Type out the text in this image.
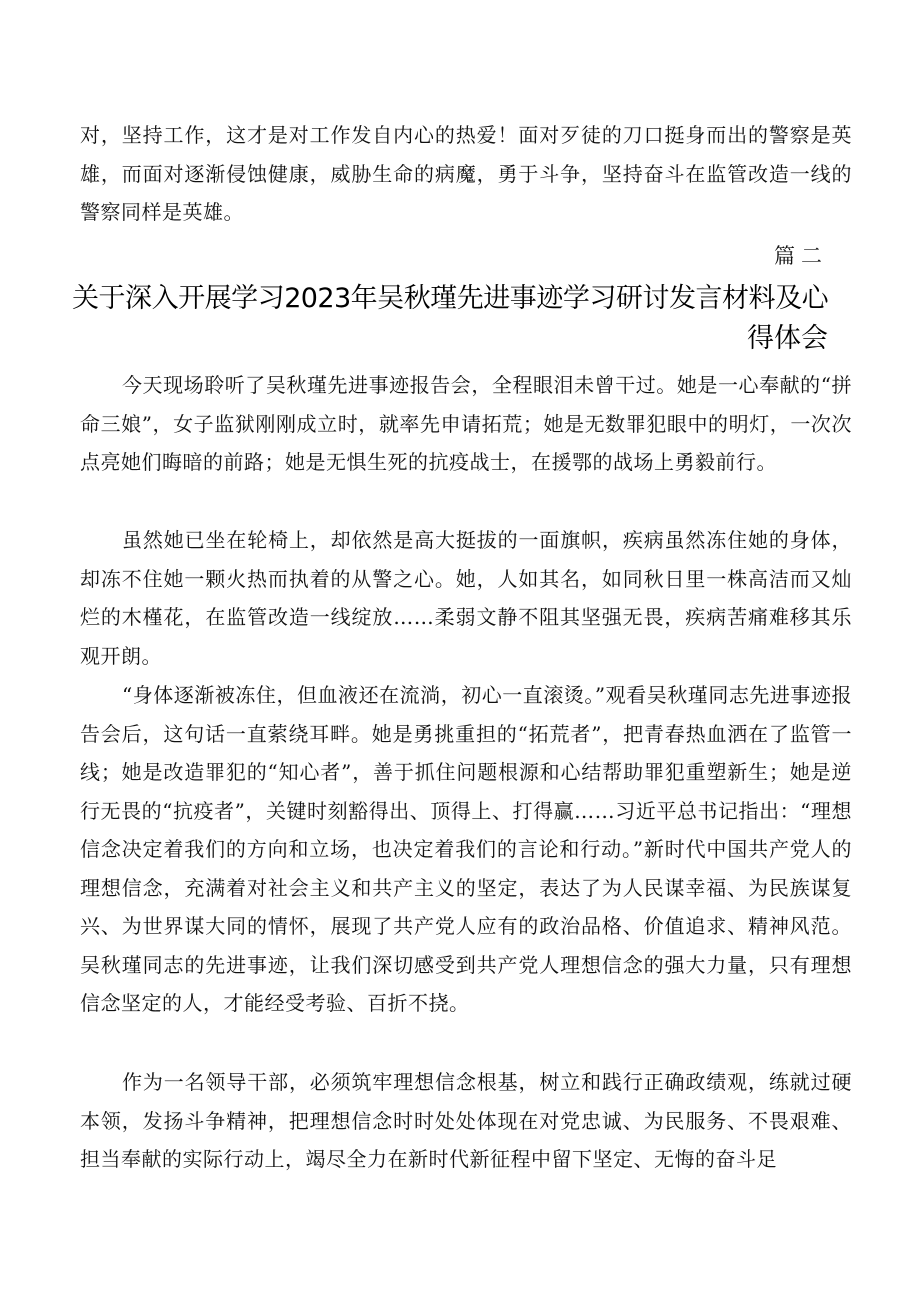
对，坚持工作，这才是对工作发自内心的热爱！面对歹徒的刀口挺身而出的警察是英雄，而面对逐渐侵蚀健康，威胁生命的病魔，勇于斗争，坚持奋斗在监管改造一线的警察同样是英雄。

篇二

关于深入开展学习2023年吴秋瑾先进事迹学习研讨发言材料及心
得体会

今天现场聆听了吴秋瑾先进事迹报告会，全程眼泪未曾干过。她是一心奉献的“拼命三娘”，女子监狱刚刚成立时，就率先申请拓荒；她是无数罪犯眼中的明灯，一次次点亮她们晦暗的前路；她是无惧生死的抗疫战士，在援鄂的战场上勇毅前行。

虽然她已坐在轮椅上，却依然是高大挺拔的一面旗帜，疾病虽然冻住她的身体，却冻不住她一颗火热而执着的从警之心。她，人如其名，如同秋日里一株高洁而又灿烂的木槿花，在监管改造一线绽放……柔弱文静不阻其坚强无畏，疾病苦痛难移其乐观开朗。

“身体逐渐被冻住，但血液还在流淌，初心一直滚烫。”观看吴秋瑾同志先进事迹报告会后，这句话一直萦绕耳畔。她是勇挑重担的“拓荒者”，把青春热血洒在了监管一线；她是改造罪犯的“知心者”，善于抓住问题根源和心结帮助罪犯重塑新生；她是逆行无畏的“抗疫者”，关键时刻豁得出、顶得上、打得赢……习近平总书记指出：“理想信念决定着我们的方向和立场，也决定着我们的言论和行动。”新时代中国共产党人的理想信念，充满着对社会主义和共产主义的坚定，表达了为人民谋幸福、为民族谋复兴、为世界谋大同的情怀，展现了共产党人应有的政治品格、价值追求、精神风范。吴秋瑾同志的先进事迹，让我们深切感受到共产党人理想信念的强大力量，只有理想信念坚定的人，才能经受考验、百折不挠。

作为一名领导干部，必须筑牢理想信念根基，树立和践行正确政绩观，练就过硬本领，发扬斗争精神，把理想信念时时处处体现在对党忠诚、为民服务、不畏艰难、担当奉献的实际行动上，竭尽全力在新时代新征程中留下坚定、无悔的奋斗足
